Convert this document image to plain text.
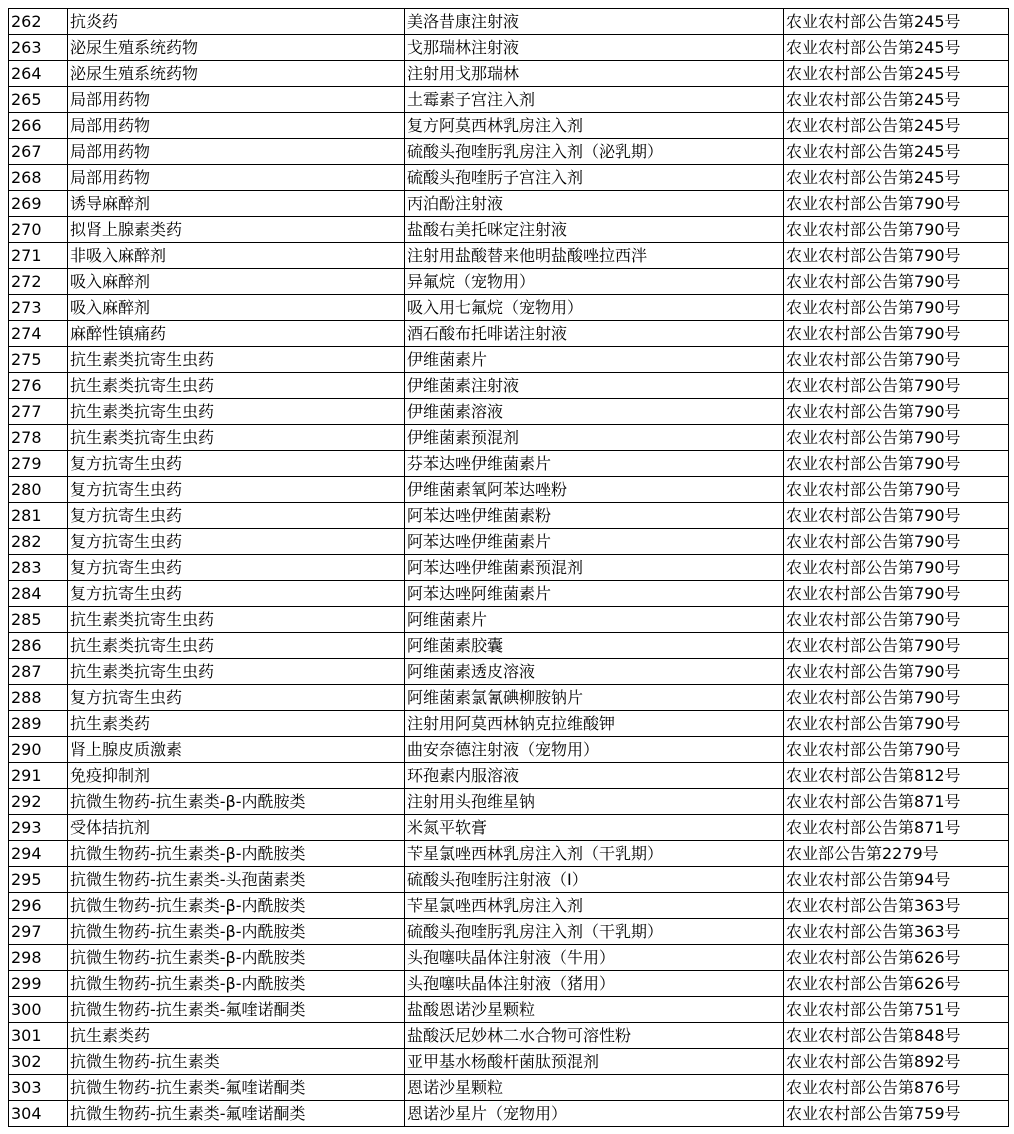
262	抗炎药	美洛昔康注射液	农业农村部公告第245号
263	泌尿生殖系统药物	戈那瑞林注射液	农业农村部公告第245号
264	泌尿生殖系统药物	注射用戈那瑞林	农业农村部公告第245号
265	局部用药物	土霉素子宫注入剂	农业农村部公告第245号
266	局部用药物	复方阿莫西林乳房注入剂	农业农村部公告第245号
267	局部用药物	硫酸头孢喹肟乳房注入剂（泌乳期）	农业农村部公告第245号
268	局部用药物	硫酸头孢喹肟子宫注入剂	农业农村部公告第245号
269	诱导麻醉剂	丙泊酚注射液	农业农村部公告第790号
270	拟肾上腺素类药	盐酸右美托咪定注射液	农业农村部公告第790号
271	非吸入麻醉剂	注射用盐酸替来他明盐酸唑拉西泮	农业农村部公告第790号
272	吸入麻醉剂	异氟烷（宠物用）	农业农村部公告第790号
273	吸入麻醉剂	吸入用七氟烷（宠物用）	农业农村部公告第790号
274	麻醉性镇痛药	酒石酸布托啡诺注射液	农业农村部公告第790号
275	抗生素类抗寄生虫药	伊维菌素片	农业农村部公告第790号
276	抗生素类抗寄生虫药	伊维菌素注射液	农业农村部公告第790号
277	抗生素类抗寄生虫药	伊维菌素溶液	农业农村部公告第790号
278	抗生素类抗寄生虫药	伊维菌素预混剂	农业农村部公告第790号
279	复方抗寄生虫药	芬苯达唑伊维菌素片	农业农村部公告第790号
280	复方抗寄生虫药	伊维菌素氧阿苯达唑粉	农业农村部公告第790号
281	复方抗寄生虫药	阿苯达唑伊维菌素粉	农业农村部公告第790号
282	复方抗寄生虫药	阿苯达唑伊维菌素片	农业农村部公告第790号
283	复方抗寄生虫药	阿苯达唑伊维菌素预混剂	农业农村部公告第790号
284	复方抗寄生虫药	阿苯达唑阿维菌素片	农业农村部公告第790号
285	抗生素类抗寄生虫药	阿维菌素片	农业农村部公告第790号
286	抗生素类抗寄生虫药	阿维菌素胶囊	农业农村部公告第790号
287	抗生素类抗寄生虫药	阿维菌素透皮溶液	农业农村部公告第790号
288	复方抗寄生虫药	阿维菌素氯氰碘柳胺钠片	农业农村部公告第790号
289	抗生素类药	注射用阿莫西林钠克拉维酸钾	农业农村部公告第790号
290	肾上腺皮质激素	曲安奈德注射液（宠物用）	农业农村部公告第790号
291	免疫抑制剂	环孢素内服溶液	农业农村部公告第812号
292	抗微生物药-抗生素类-β-内酰胺类	注射用头孢维星钠	农业农村部公告第871号
293	受体拮抗剂	米氮平软膏	农业农村部公告第871号
294	抗微生物药-抗生素类-β-内酰胺类	苄星氯唑西林乳房注入剂（干乳期）	农业部公告第2279号
295	抗微生物药-抗生素类-头孢菌素类	硫酸头孢喹肟注射液（Ⅰ）	农业农村部公告第94号
296	抗微生物药-抗生素类-β-内酰胺类	苄星氯唑西林乳房注入剂	农业农村部公告第363号
297	抗微生物药-抗生素类-β-内酰胺类	硫酸头孢喹肟乳房注入剂（干乳期）	农业农村部公告第363号
298	抗微生物药-抗生素类-β-内酰胺类	头孢噻呋晶体注射液（牛用）	农业农村部公告第626号
299	抗微生物药-抗生素类-β-内酰胺类	头孢噻呋晶体注射液（猪用）	农业农村部公告第626号
300	抗微生物药-抗生素类-氟喹诺酮类	盐酸恩诺沙星颗粒	农业农村部公告第751号
301	抗生素类药	盐酸沃尼妙林二水合物可溶性粉	农业农村部公告第848号
302	抗微生物药-抗生素类	亚甲基水杨酸杆菌肽预混剂	农业农村部公告第892号
303	抗微生物药-抗生素类-氟喹诺酮类	恩诺沙星颗粒	农业农村部公告第876号
304	抗微生物药-抗生素类-氟喹诺酮类	恩诺沙星片（宠物用）	农业农村部公告第759号
